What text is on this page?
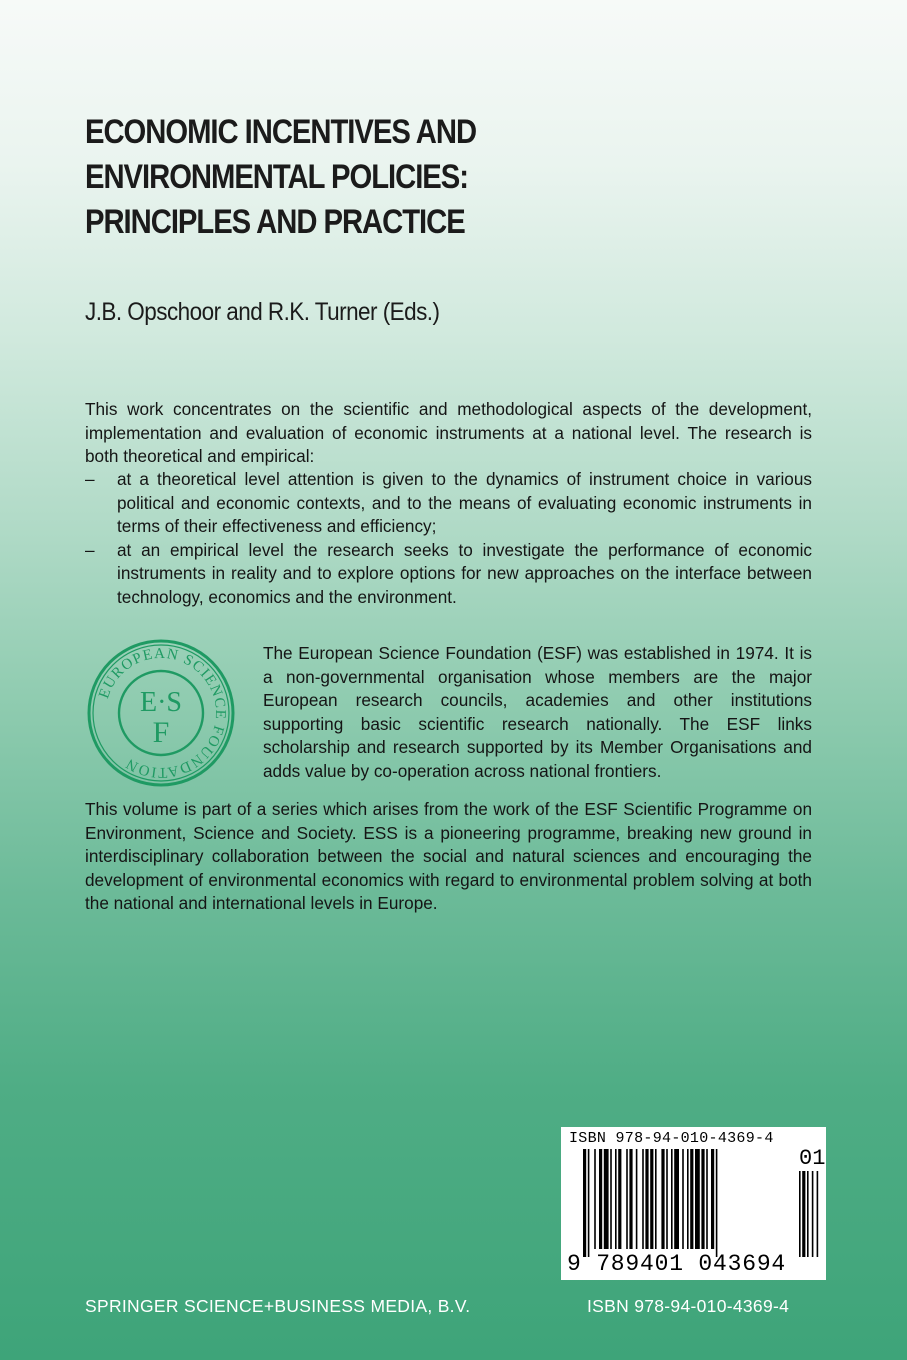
ECONOMIC INCENTIVES AND
ENVIRONMENTAL POLICIES:
PRINCIPLES AND PRACTICE
J.B. Opschoor and R.K. Turner (Eds.)

This work concentrates on the scientific and methodological aspects of the development, implementation and evaluation of economic instruments at a national level. The research is both theoretical and empirical:

– at a theoretical level attention is given to the dynamics of instrument choice in various political and economic contexts, and to the means of evaluating economic instruments in terms of their effectiveness and efficiency;
– at an empirical level the research seeks to investigate the performance of economic instruments in reality and to explore options for new approaches on the interface between technology, economics and the environment.
EUROPEAN SCIENCE FOUNDATION
E·S
F

The European Science Foundation (ESF) was established in 1974. It is a non-governmental organisation whose members are the major European research councils, academies and other institutions supporting basic scientific research nationally. The ESF links scholarship and research supported by its Member Organisations and adds value by co-operation across national frontiers.

This volume is part of a series which arises from the work of the ESF Scientific Programme on Environment, Science and Society. ESS is a pioneering programme, breaking new ground in interdisciplinary collaboration between the social and natural sciences and encouraging the development of environmental economics with regard to environmental problem solving at both the national and international levels in Europe.

ISBN 978-94-010-4369-4
9 789401 043694
01
SPRINGER SCIENCE+BUSINESS MEDIA, B.V.	ISBN 978-94-010-4369-4
